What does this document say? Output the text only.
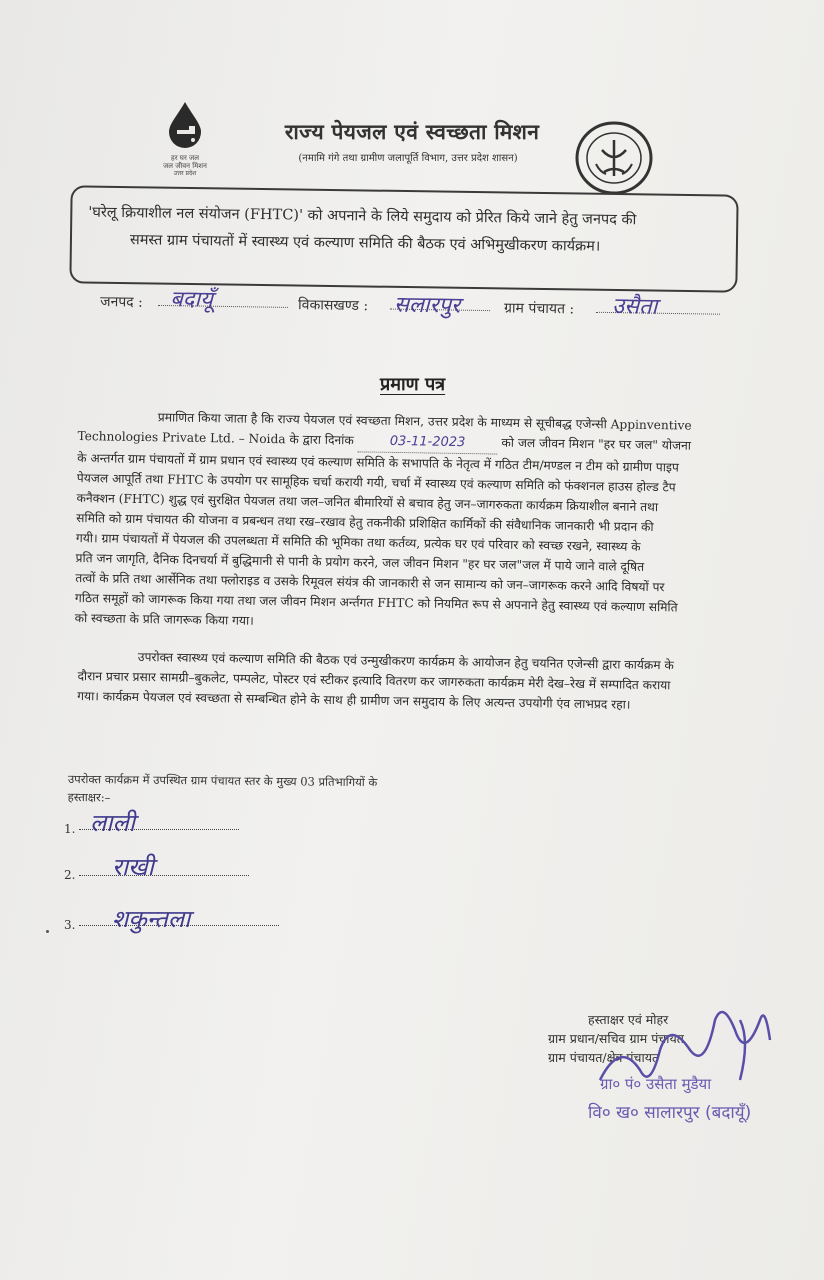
हर घर जल
जल जीवन मिशन
उत्तर प्रदेश
राज्य पेयजल एवं स्वच्छता मिशन
(नमामि गंगे तथा ग्रामीण जलापूर्ति विभाग, उत्तर प्रदेश शासन)
'घरेलू क्रियाशील नल संयोजन (FHTC)' को अपनाने के लिये समुदाय को प्रेरित किये जाने हेतु जनपद की
समस्त ग्राम पंचायतों में स्वास्थ्य एवं कल्याण समिति की बैठक एवं अभिमुखीकरण कार्यक्रम।
जनपद : बदायूँ	विकासखण्ड : सलारपुर	ग्राम पंचायत : उसैता
प्रमाण पत्र
प्रमाणित किया जाता है कि राज्य पेयजल एवं स्वच्छता मिशन, उत्तर प्रदेश के माध्यम से सूचीबद्ध एजेन्सी Appinventive
Technologies Private Ltd. – Noida के द्वारा दिनांक	03-11-2023	को जल जीवन मिशन "हर घर जल" योजना
के अन्तर्गत ग्राम पंचायतों में ग्राम प्रधान एवं स्वास्थ्य एवं कल्याण समिति के सभापति के नेतृत्व में गठित टीम/मण्डल न टीम को ग्रामीण पाइप
पेयजल आपूर्ति तथा FHTC के उपयोग पर सामूहिक चर्चा करायी गयी, चर्चा में स्वास्थ्य एवं कल्याण समिति को फंक्शनल हाउस होल्ड टैप
कनैक्शन (FHTC) शुद्ध एवं सुरक्षित पेयजल तथा जल–जनित बीमारियों से बचाव हेतु जन–जागरुकता कार्यक्रम क्रियाशील बनाने तथा
समिति को ग्राम पंचायत की योजना व प्रबन्धन तथा रख–रखाव हेतु तकनीकी प्रशिक्षित कार्मिकों की संवैधानिक जानकारी भी प्रदान की
गयी। ग्राम पंचायतों में पेयजल की उपलब्धता में समिति की भूमिका तथा कर्तव्य, प्रत्येक घर एवं परिवार को स्वच्छ रखने, स्वास्थ्य के
प्रति जन जागृति, दैनिक दिनचर्या में बुद्धिमानी से पानी के प्रयोग करने, जल जीवन मिशन "हर घर जल"जल में पाये जाने वाले दूषित
तत्वों के प्रति तथा आर्सेनिक तथा फ्लोराइड व उसके रिमूवल संयंत्र की जानकारी से जन सामान्य को जन–जागरूक करने आदि विषयों पर
गठित समूहों को जागरूक किया गया तथा जल जीवन मिशन अर्न्तगत FHTC को नियमित रूप से अपनाने हेतु स्वास्थ्य एवं कल्याण समिति
को स्वच्छता के प्रति जागरूक किया गया।
उपरोक्त स्वास्थ्य एवं कल्याण समिति की बैठक एवं उन्मुखीकरण कार्यक्रम के आयोजन हेतु चयनित एजेन्सी द्वारा कार्यक्रम के
दौरान प्रचार प्रसार सामग्री–बुकलेट, पम्पलेट, पोस्टर एवं स्टीकर इत्यादि वितरण कर जागरुकता कार्यक्रम मेरी देख–रेख में सम्पादित कराया
गया। कार्यक्रम पेयजल एवं स्वच्छता से सम्बन्धित होने के साथ ही ग्रामीण जन समुदाय के लिए अत्यन्त उपयोगी एंव लाभप्रद रहा।
उपरोक्त कार्यक्रम में उपस्थित ग्राम पंचायत स्तर के मुख्य 03 प्रतिभागियों के
हस्ताक्षर:–
1. लाली
2.	राखी
3.	शकुन्तला
हस्ताक्षर एवं मोहर
ग्राम प्रधान/सचिव ग्राम पंचायत
ग्राम पंचायत/क्षेत्र पंचायत
ग्रा० पं० उसैता मुडैया
वि० ख० सालारपुर (बदायूँ)
